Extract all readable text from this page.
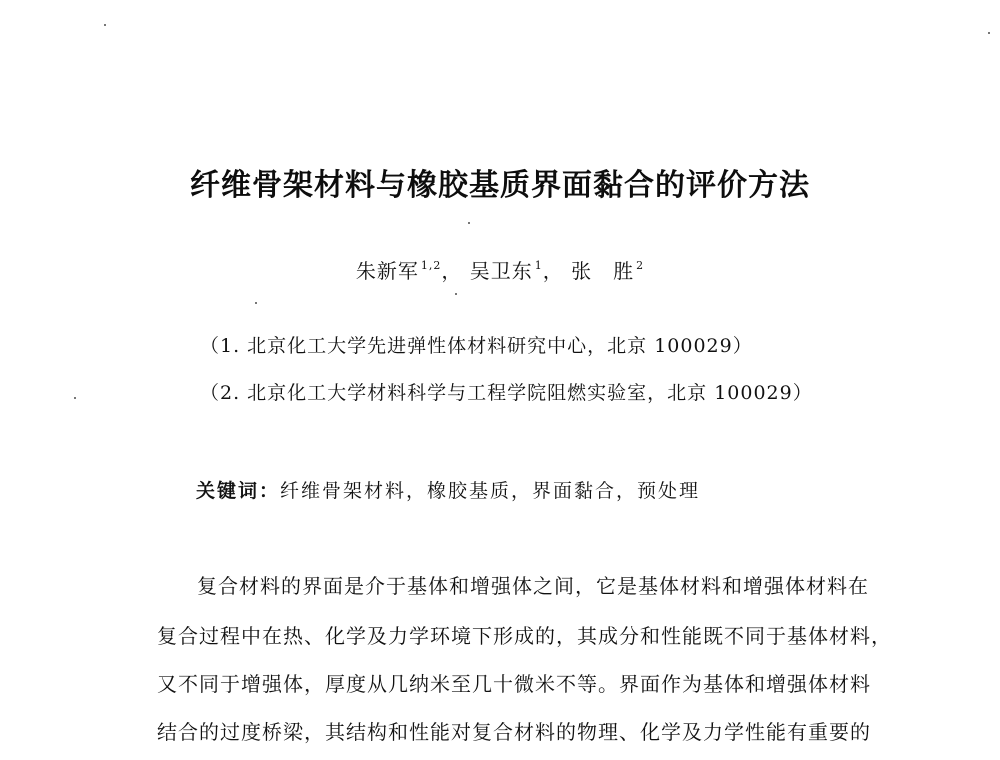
纤维骨架材料与橡胶基质界面黏合的评价方法
朱新军 $^{1,2}$， 吴卫东 $^1$， 张　胜 $^2$
（1. 北京化工大学先进弹性体材料研究中心，北京 100029）
（2. 北京化工大学材料科学与工程学院阻燃实验室，北京 100029）
关键词：纤维骨架材料，橡胶基质，界面黏合，预处理
复合材料的界面是介于基体和增强体之间，它是基体材料和增强体材料在
复合过程中在热、化学及力学环境下形成的，其成分和性能既不同于基体材料，
又不同于增强体，厚度从几纳米至几十微米不等。界面作为基体和增强体材料
结合的过度桥梁，其结构和性能对复合材料的物理、化学及力学性能有重要的
